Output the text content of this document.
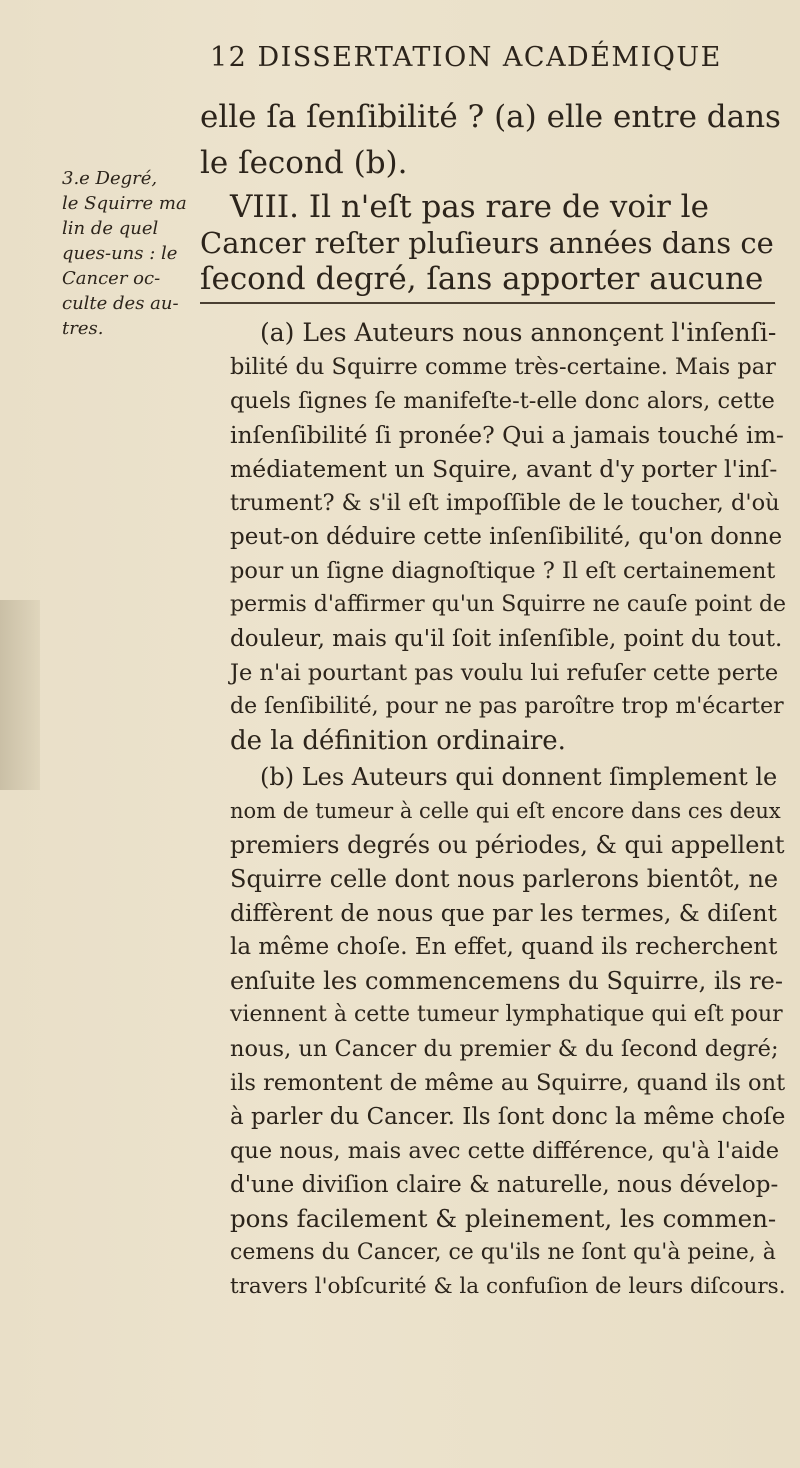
12 DISSERTATION ACADÉMIQUE
3.e Degré,
le Squirre ma
lin de quel
ques-uns : le
Cancer oc-
culte des au-
tres.
elle ſa ſenſibilité ? (a) elle entre dans
le ſecond (b).
VIII. Il n'eſt pas rare de voir le
Cancer reſter pluſieurs années dans ce
ſecond degré, ſans apporter aucune
(a) Les Auteurs nous annonçent l'inſenſi-
bilité du Squirre comme très-certaine. Mais par
quels ſignes ſe manifeſte-t-elle donc alors, cette
inſenſibilité ſi pronée? Qui a jamais touché im-
médiatement un Squire, avant d'y porter l'inſ-
trument? & s'il eſt impoſſible de le toucher, d'où
peut-on déduire cette inſenſibilité, qu'on donne
pour un ſigne diagnoſtique ? Il eſt certainement
permis d'affirmer qu'un Squirre ne cauſe point de
douleur, mais qu'il ſoit inſenſible, point du tout.
Je n'ai pourtant pas voulu lui refuſer cette perte
de ſenſibilité, pour ne pas paroître trop m'écarter
de la définition ordinaire.
(b) Les Auteurs qui donnent ſimplement le
nom de tumeur à celle qui eſt encore dans ces deux
premiers degrés ou périodes, & qui appellent
Squirre celle dont nous parlerons bientôt, ne
diffèrent de nous que par les termes, & diſent
la même choſe. En effet, quand ils recherchent
enſuite les commencemens du Squirre, ils re-
viennent à cette tumeur lymphatique qui eſt pour
nous, un Cancer du premier & du ſecond degré;
ils remontent de même au Squirre, quand ils ont
à parler du Cancer. Ils ſont donc la même choſe
que nous, mais avec cette différence, qu'à l'aide
d'une diviſion claire & naturelle, nous dévelop-
pons facilement & pleinement, les commen-
cemens du Cancer, ce qu'ils ne ſont qu'à peine, à
travers l'obſcurité & la confuſion de leurs diſcours.
